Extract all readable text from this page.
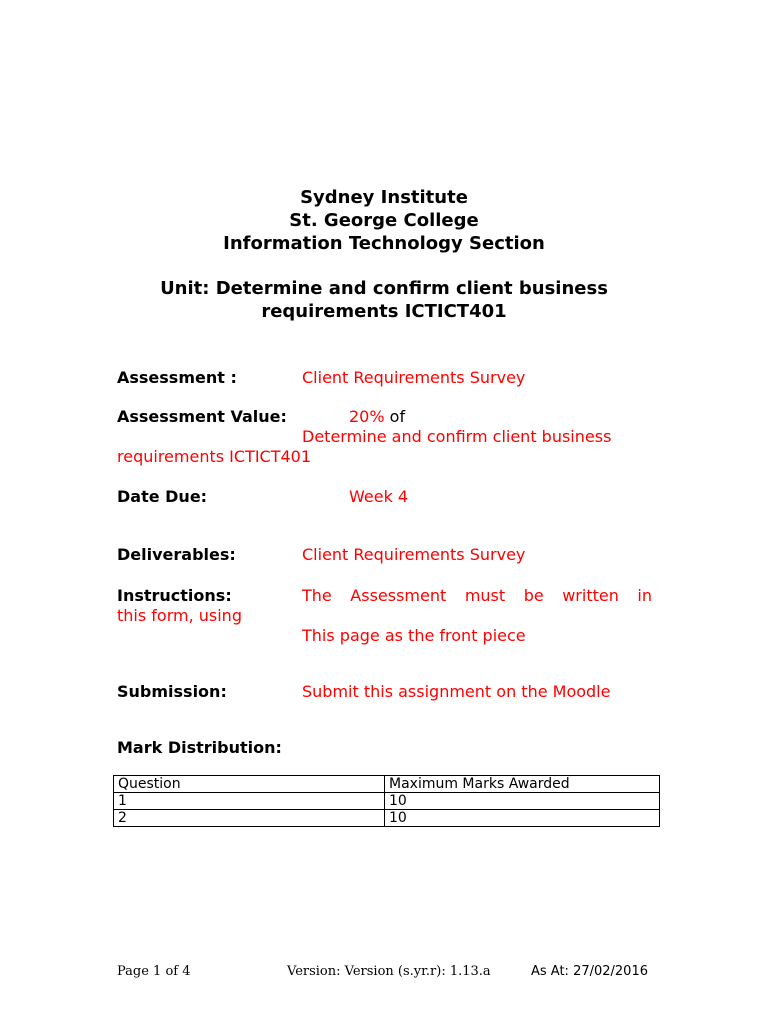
Sydney Institute
St. George College
Information Technology Section
Unit: Determine and confirm client business
requirements ICTICT401
Assessment :	Client Requirements Survey
Assessment Value:	20% of
Determine and confirm client business
requirements ICTICT401
Date Due:	Week 4
Deliverables:	Client Requirements Survey
Instructions:	The Assessment must be written in
this form, using
This page as the front piece
Submission:	Submit this assignment on the Moodle
Mark Distribution:
Question	Maximum Marks Awarded
1	10
2	10
Page 1 of 4	Version: Version (s.yr.r): 1.13.a	As At: 27/02/2016
